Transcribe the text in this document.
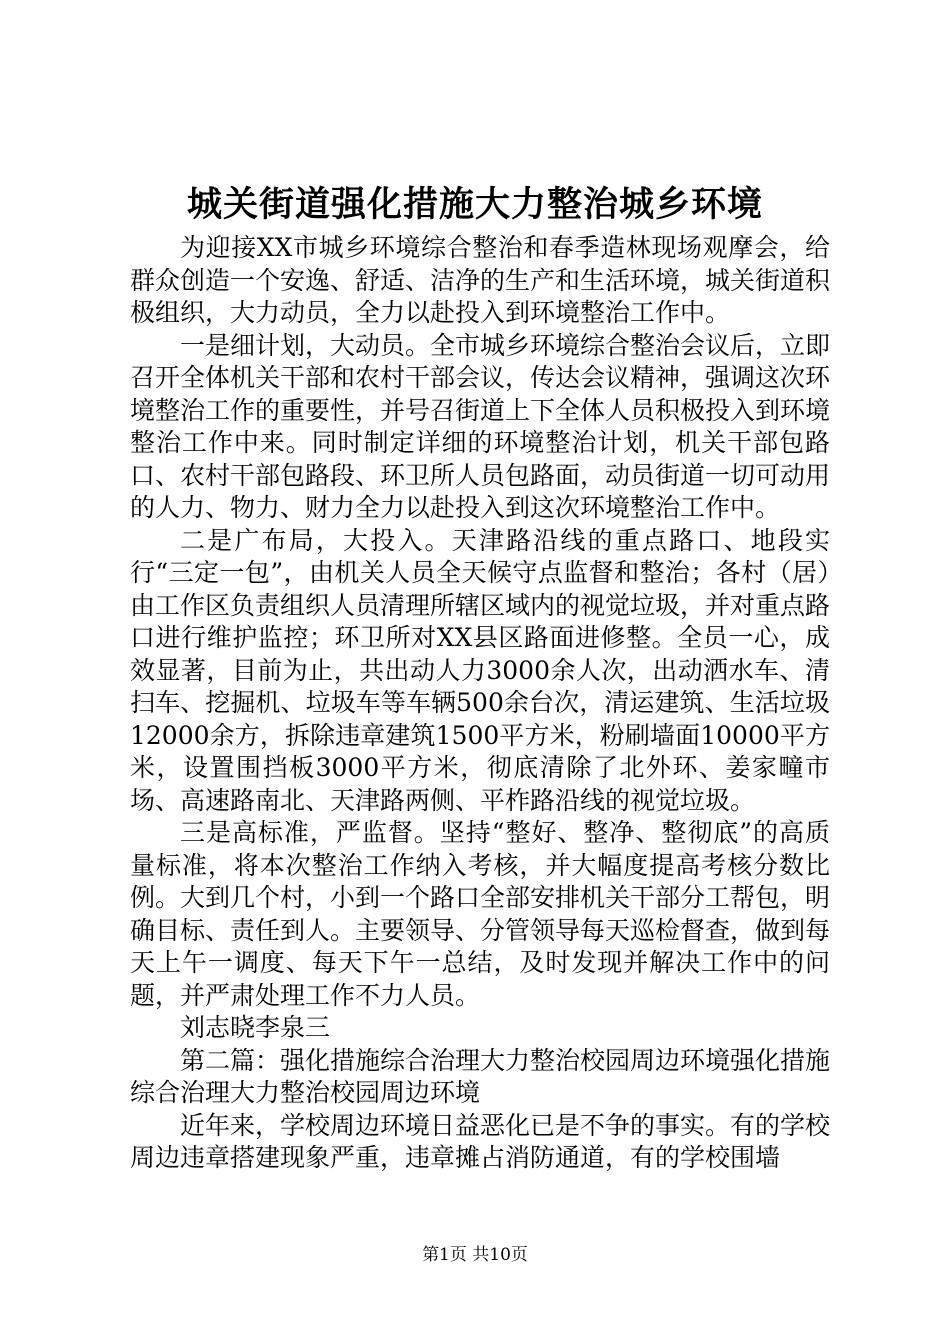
城关街道强化措施大力整治城乡环境

为迎接XX市城乡环境综合整治和春季造林现场观摩会，给群众创造一个安逸、舒适、洁净的生产和生活环境，城关街道积极组织，大力动员，全力以赴投入到环境整治工作中。

一是细计划，大动员。全市城乡环境综合整治会议后，立即召开全体机关干部和农村干部会议，传达会议精神，强调这次环境整治工作的重要性，并号召街道上下全体人员积极投入到环境整治工作中来。同时制定详细的环境整治计划，机关干部包路口、农村干部包路段、环卫所人员包路面，动员街道一切可动用的人力、物力、财力全力以赴投入到这次环境整治工作中。

二是广布局，大投入。天津路沿线的重点路口、地段实行“三定一包”，由机关人员全天候守点监督和整治；各村（居）由工作区负责组织人员清理所辖区域内的视觉垃圾，并对重点路口进行维护监控；环卫所对XX县区路面进修整。全员一心，成效显著，目前为止，共出动人力3000余人次，出动洒水车、清扫车、挖掘机、垃圾车等车辆500余台次，清运建筑、生活垃圾12000余方，拆除违章建筑1500平方米，粉刷墙面10000平方米，设置围挡板3000平方米，彻底清除了北外环、姜家疃市场、高速路南北、天津路两侧、平柞路沿线的视觉垃圾。

三是高标准，严监督。坚持“整好、整净、整彻底”的高质量标准，将本次整治工作纳入考核，并大幅度提高考核分数比例。大到几个村，小到一个路口全部安排机关干部分工帮包，明确目标、责任到人。主要领导、分管领导每天巡检督查，做到每天上午一调度、每天下午一总结，及时发现并解决工作中的问题，并严肃处理工作不力人员。

刘志晓李泉三

第二篇：强化措施综合治理大力整治校园周边环境强化措施综合治理大力整治校园周边环境

近年来，学校周边环境日益恶化已是不争的事实。有的学校周边违章搭建现象严重，违章摊占消防通道，有的学校围墙

第1页 共10页
